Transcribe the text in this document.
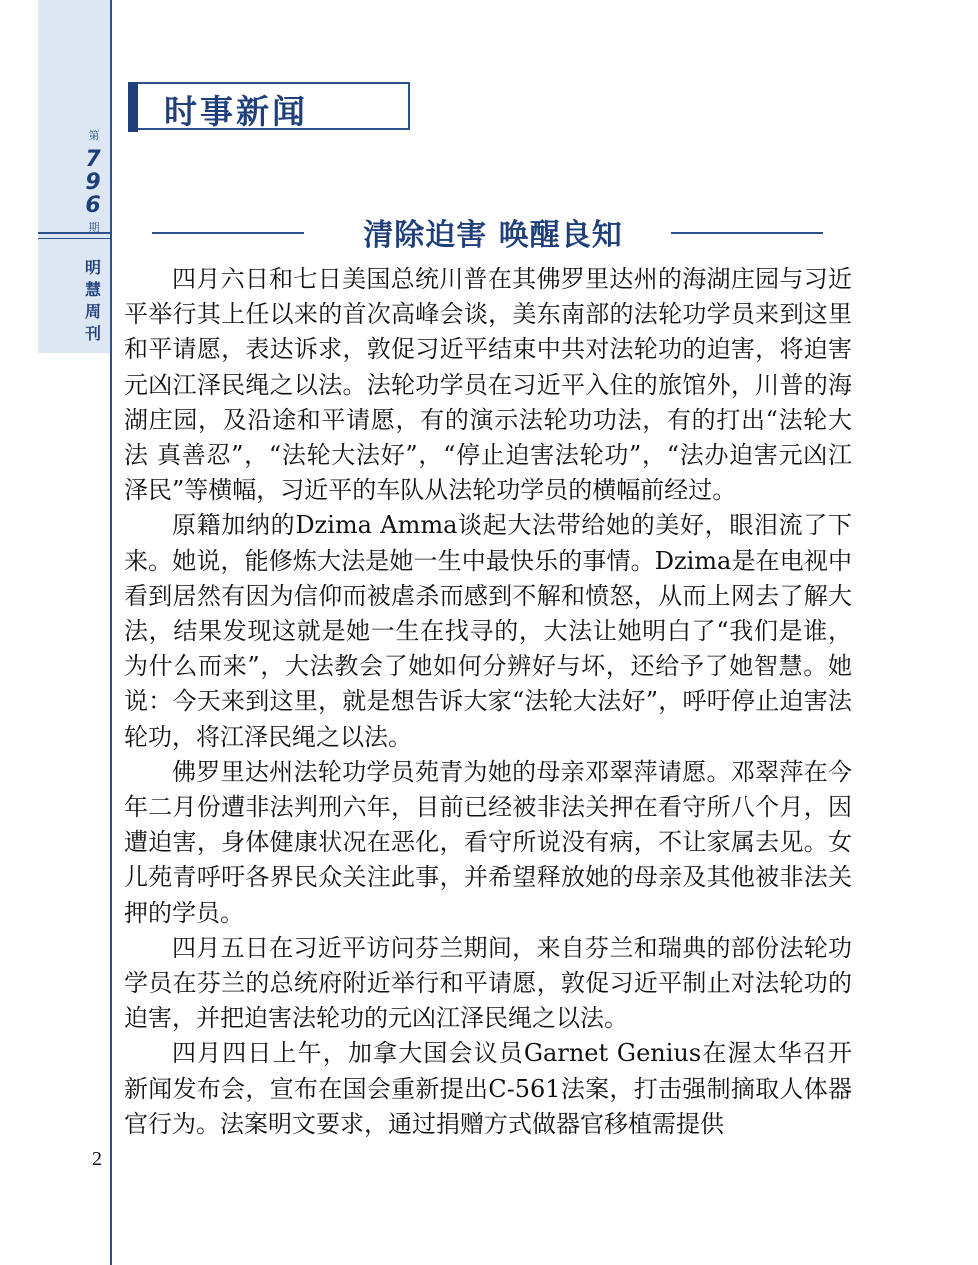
第
7
9
6
期
明
慧
周
刊
时事新闻
清除迫害 唤醒良知

四月六日和七日美国总统川普在其佛罗里达州的海湖庄园与习近平举行其上任以来的首次高峰会谈，美东南部的法轮功学员来到这里和平请愿，表达诉求，敦促习近平结束中共对法轮功的迫害，将迫害元凶江泽民绳之以法。法轮功学员在习近平入住的旅馆外，川普的海湖庄园，及沿途和平请愿，有的演示法轮功功法，有的打出“法轮大法 真善忍”，“法轮大法好”，“停止迫害法轮功”，“法办迫害元凶江泽民”等横幅，习近平的车队从法轮功学员的横幅前经过。

原籍加纳的Dzima Amma谈起大法带给她的美好，眼泪流了下来。她说，能修炼大法是她一生中最快乐的事情。Dzima是在电视中看到居然有因为信仰而被虐杀而感到不解和愤怒，从而上网去了解大法，结果发现这就是她一生在找寻的，大法让她明白了“我们是谁，为什么而来”，大法教会了她如何分辨好与坏，还给予了她智慧。她说：今天来到这里，就是想告诉大家“法轮大法好”，呼吁停止迫害法轮功，将江泽民绳之以法。

佛罗里达州法轮功学员苑青为她的母亲邓翠萍请愿。邓翠萍在今年二月份遭非法判刑六年，目前已经被非法关押在看守所八个月，因遭迫害，身体健康状况在恶化，看守所说没有病，不让家属去见。女儿苑青呼吁各界民众关注此事，并希望释放她的母亲及其他被非法关押的学员。

四月五日在习近平访问芬兰期间，来自芬兰和瑞典的部份法轮功学员在芬兰的总统府附近举行和平请愿，敦促习近平制止对法轮功的迫害，并把迫害法轮功的元凶江泽民绳之以法。

四月四日上午，加拿大国会议员Garnet Genius在渥太华召开新闻发布会，宣布在国会重新提出C-561法案，打击强制摘取人体器官行为。法案明文要求，通过捐赠方式做器官移植需提供

2
